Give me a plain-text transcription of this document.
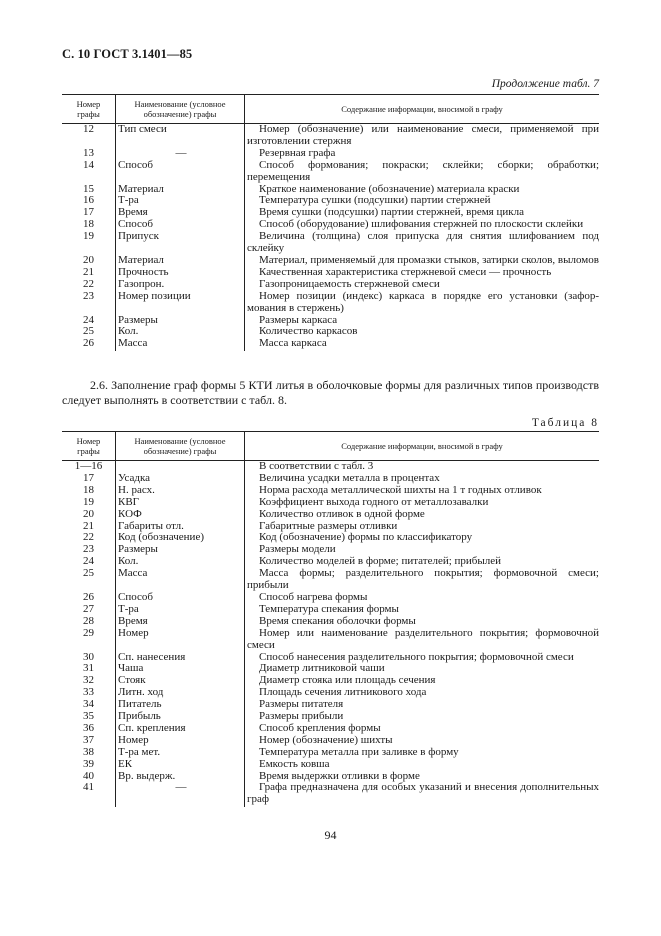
С. 10 ГОСТ 3.1401—85
Продолжение табл. 7
Номер графы	Наименование (условное обозначение) графы	Содержание информации, вносимой в графу
12	Тип смеси	Номер (обозначение) или наименование смеси, применяемой при изготовлении стержня
13	—	Резервная графа
14	Способ	Способ формования; покраски; склейки; сборки; обработки; перемещения
15	Материал	Краткое наименование (обозначение) материала краски
16	Т-ра	Температура сушки (подсушки) партии стержней
17	Время	Время сушки (подсушки) партии стержней, время цикла
18	Способ	Способ (оборудование) шлифования стержней по плоскости склейки
19	Припуск	Величина (толщина) слоя припуска для снятия шлифованием под склейку
20	Материал	Материал, применяемый для промазки стыков, затирки сколов, выломов
21	Прочность	Качественная характеристика стержневой смеси — прочность
22	Газопрон.	Газопроницаемость стержневой смеси
23	Номер позиции	Номер позиции (индекс) каркаса в порядке его установки (зафор-мования в стержень)
24	Размеры	Размеры каркаса
25	Кол.	Количество каркасов
26	Масса	Масса каркаса
2.6. Заполнение граф формы 5 КТИ литья в оболочковые формы для различных типов производств следует выполнять в соответствии с табл. 8.
Таблица 8
Номер графы	Наименование (условное обозначение) графы	Содержание информации, вносимой в графу
1—16		В соответствии с табл. 3
17	Усадка	Величина усадки металла в процентах
18	Н. расх.	Норма расхода металлической шихты на 1 т годных отливок
19	КВГ	Коэффициент выхода годного от металлозавалки
20	КОФ	Количество отливок в одной форме
21	Габариты отл.	Габаритные размеры отливки
22	Код (обозначение)	Код (обозначение) формы по классификатору
23	Размеры	Размеры модели
24	Кол.	Количество моделей в форме; питателей; прибылей
25	Масса	Масса формы; разделительного покрытия; формовочной смеси; прибыли
26	Способ	Способ нагрева формы
27	Т-ра	Температура спекания формы
28	Время	Время спекания оболочки формы
29	Номер	Номер или наименование разделительного покрытия; формовочной смеси
30	Сп. нанесения	Способ нанесения разделительного покрытия; формовочной смеси
31	Чаша	Диаметр литниковой чаши
32	Стояк	Диаметр стояка или площадь сечения
33	Литн. ход	Площадь сечения литникового хода
34	Питатель	Размеры питателя
35	Прибыль	Размеры прибыли
36	Сп. крепления	Способ крепления формы
37	Номер	Номер (обозначение) шихты
38	Т-ра мет.	Температура металла при заливке в форму
39	ЕК	Емкость ковша
40	Вр. выдерж.	Время выдержки отливки в форме
41	—	Графа предназначена для особых указаний и внесения дополнительных граф
94
